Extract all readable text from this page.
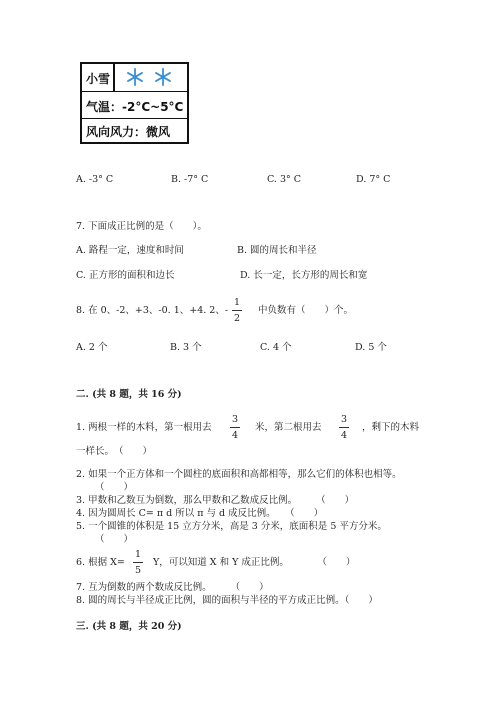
小雪
气温：-2°C~5°C
风向风力：微风
A. -3° C	B. -7° C	C. 3° C	D. 7° C
7. 下面成正比例的是（　　）。
A. 路程一定，速度和时间	B. 圆的周长和半径
C. 正方形的面积和边长	D. 长一定，长方形的周长和宽
8. 在 0、-2、+3、-0. 1、+4. 2、-
1
2
中负数有（　　）个。
A. 2 个	B. 3 个	C. 4 个	D. 5 个
二. (共 8 题，共 16 分)
1. 两根一样的木料，第一根用去
3
4
米，第二根用去
3
4
，剩下的木料
一样长。　（　　）
2. 如果一个正方体和一个圆柱的底面积和高都相等，那么它们的体积也相等。
（　　）
3. 甲数和乙数互为倒数，那么甲数和乙数成反比例。　　　（　　）
4. 因为圆周长 C= π d 所以 π 与 d 成反比例。　　（　　）
5. 一个圆锥的体积是 15 立方分米，高是 3 分米，底面积是 5 平方分米。
（　　）
6. 根据 X=
1
5
Y，可以知道 X 和 Y 成正比例。　　　　（　　）
7. 互为倒数的两个数成反比例。　　　（　　）
8. 圆的周长与半径成正比例，圆的面积与半径的平方成正比例。（　　）
三. (共 8 题，共 20 分)
